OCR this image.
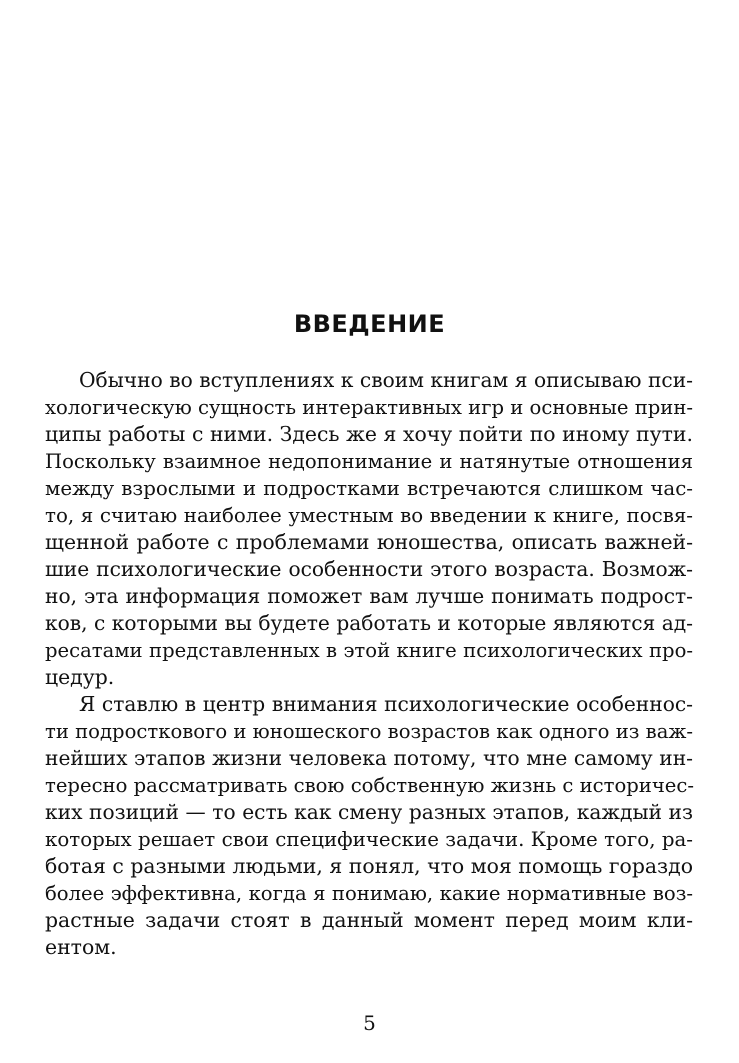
ВВЕДЕНИЕ
Обычно во вступлениях к своим книгам я описываю пси-
хологическую сущность интерактивных игр и основные прин-
ципы работы с ними. Здесь же я хочу пойти по иному пути.
Поскольку взаимное недопонимание и натянутые отношения
между взрослыми и подростками встречаются слишком час-
то, я считаю наиболее уместным во введении к книге, посвя-
щенной работе с проблемами юношества, описать важней-
шие психологические особенности этого возраста. Возмож-
но, эта информация поможет вам лучше понимать подрост-
ков, с которыми вы будете работать и которые являются ад-
ресатами представленных в этой книге психологических про-
цедур.
Я ставлю в центр внимания психологические особеннос-
ти подросткового и юношеского возрастов как одного из важ-
нейших этапов жизни человека потому, что мне самому ин-
тересно рассматривать свою собственную жизнь с историчес-
ких позиций — то есть как смену разных этапов, каждый из
которых решает свои специфические задачи. Кроме того, ра-
ботая с разными людьми, я понял, что моя помощь гораздо
более эффективна, когда я понимаю, какие нормативные воз-
растные задачи стоят в данный момент перед моим кли-
ентом.
5
